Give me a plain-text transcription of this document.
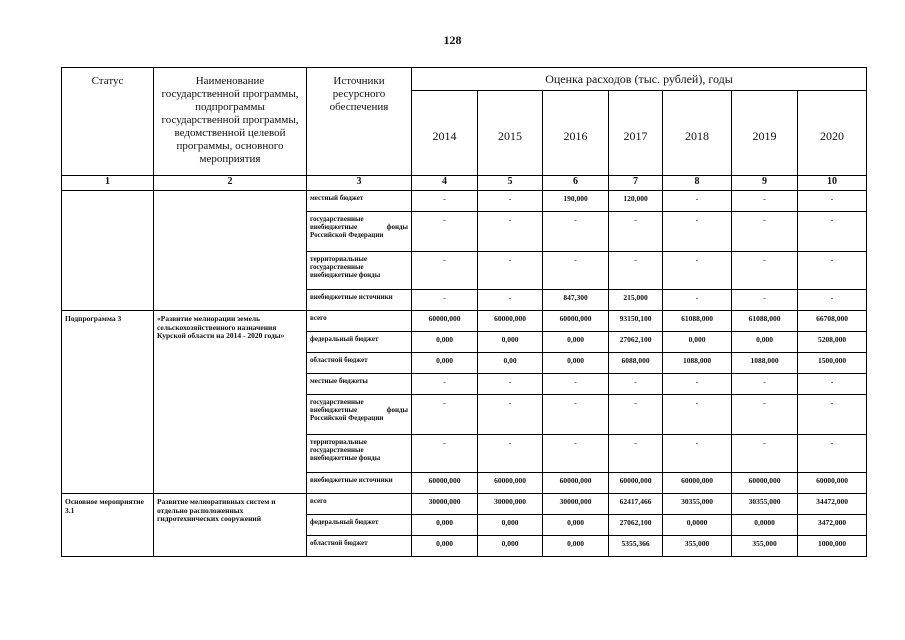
128
Статус	Наименование государственной программы, подпрограммы государственной программы, ведомственной целевой программы, основного мероприятия	Источники ресурсного обеспечения	Оценка расходов (тыс. рублей), годы						
			2014	2015	2016	2017	2018	2019	2020
1	2	3	4	5	6	7	8	9	10
		местный бюджет	-	-	190,000	120,000	-	-	-
		государственные внебюджетные фонды Российской Федерации	-	-	-	-	-	-	-
		территориальные государственные внебюджетные фонды	-	-	-	-	-	-	-
		внебюджетные источники	-	-	847,300	215,000	-	-	-
Подпрограмма 3	«Развитие мелиорации земель сельскохозяйственного назначения Курской области на 2014 - 2020 годы»	всего	60000,000	60000,000	60000,000	93150,100	61088,000	61088,000	66708,000
		федеральный бюджет	0,000	0,000	0,000	27062,100	0,000	0,000	5208,000
		областной бюджет	0,000	0,00	0,000	6088,000	1088,000	1088,000	1500,000
		местные бюджеты	-	-	-	-	-	-	-
		государственные внебюджетные фонды Российской Федерации	-	-	-	-	-	-	-
		территориальные государственные внебюджетные фонды	-	-	-	-	-	-	-
		внебюджетные источники	60000,000	60000,000	60000,000	60000,000	60000,000	60000,000	60000,000
Основное мероприятие 3.1	Развитие мелиоративных систем и отдельно расположенных гидротехнических сооружений	всего	30000,000	30000,000	30000,000	62417,466	30355,000	30355,000	34472,000
		федеральный бюджет	0,000	0,000	0,000	27062,100	0,0000	0,0000	3472,000
		областной бюджет	0,000	0,000	0,000	5355,366	355,000	355,000	1000,000
